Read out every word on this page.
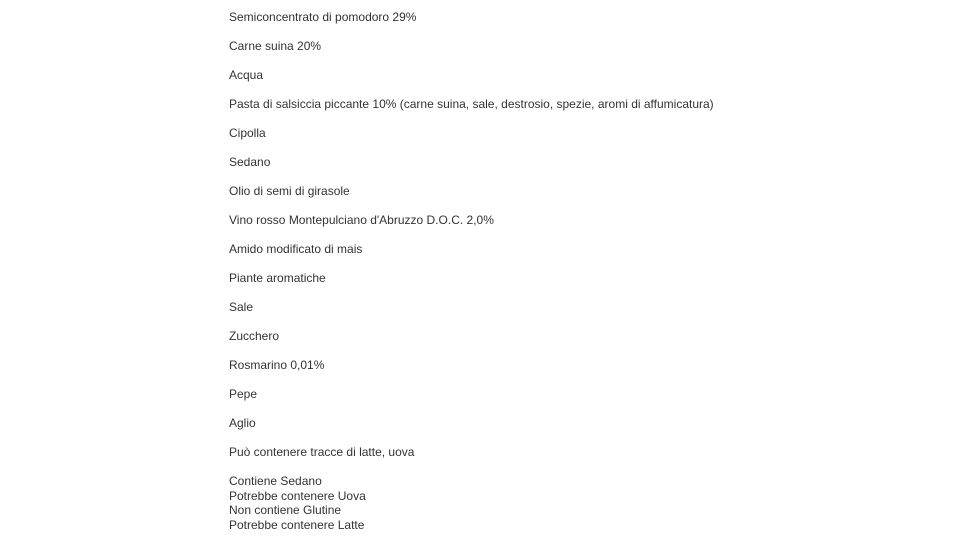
Semiconcentrato di pomodoro 29%
Carne suina 20%
Acqua
Pasta di salsiccia piccante 10% (carne suina, sale, destrosio, spezie, aromi di affumicatura)
Cipolla
Sedano
Olio di semi di girasole
Vino rosso Montepulciano d'Abruzzo D.O.C. 2,0%
Amido modificato di mais
Piante aromatiche
Sale
Zucchero
Rosmarino 0,01%
Pepe
Aglio
Può contenere tracce di latte, uova
Contiene Sedano
Potrebbe contenere Uova
Non contiene Glutine
Potrebbe contenere Latte
